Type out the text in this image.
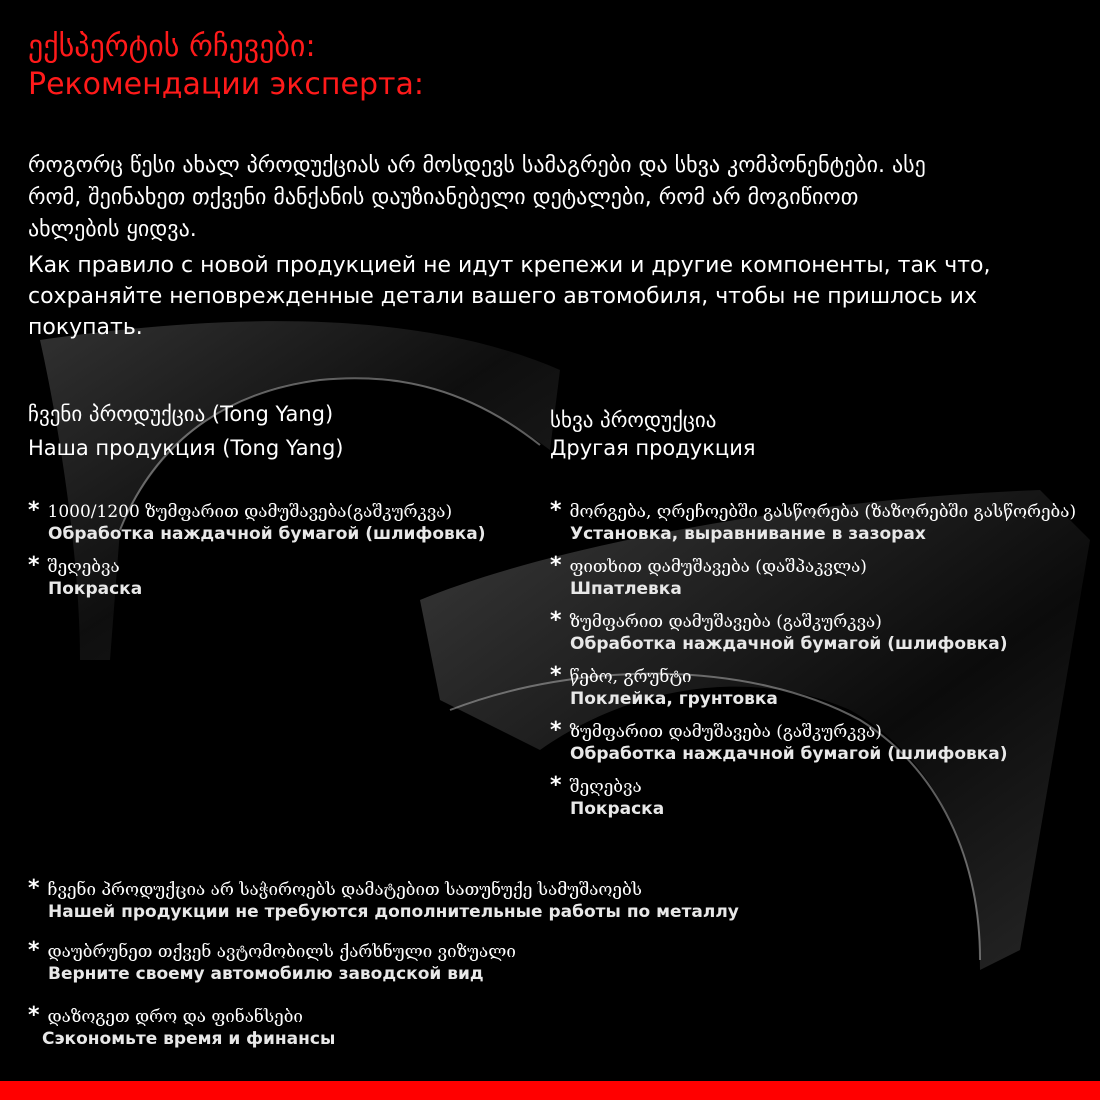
ექსპერტის რჩევები:
Рекомендации эксперта:
როგორც წესი ახალ პროდუქციას არ მოსდევს სამაგრები და სხვა კომპონენტები. ასე
რომ, შეინახეთ თქვენი მანქანის დაუზიანებელი დეტალები, რომ არ მოგიწიოთ
ახლების ყიდვა.
Как правило с новой продукцией не идут крепежи и другие компоненты, так что,
сохраняйте неповрежденные детали вашего автомобиля, чтобы не пришлось их
покупать.
ჩვენი პროდუქცია (Tong Yang)
Наша продукция (Tong Yang)
* 1000/1200 ზუმფარით დამუშავება(გაშკურკვა)
Обработка наждачной бумагой (шлифовка)
* შეღებვა
Покраска
სხვა პროდუქცია
Другая продукция
* მორგება, ღრეჩოებში გასწორება (ზაზორებში გასწორება)
Установка, выравнивание в зазорах
* ფითხით დამუშავება (დაშპაკვლა)
Шпатлевка
* ზუმფარით დამუშავება (გაშკურკვა)
Обработка наждачной бумагой (шлифовка)
* წებო, გრუნტი
Поклейка, грунтовка
* ზუმფარით დამუშავება (გაშკურკვა)
Обработка наждачной бумагой (шлифовка)
* შეღებვა
Покраска
* ჩვენი პროდუქცია არ საჭიროებს დამატებით სათუნუქე სამუშაოებს
Нашей продукции не требуются дополнительные работы по металлу
* დაუბრუნეთ თქვენ ავტომობილს ქარხნული ვიზუალი
Верните своему автомобилю заводской вид
* დაზოგეთ დრო და ფინანსები
Сэкономьте время и финансы
